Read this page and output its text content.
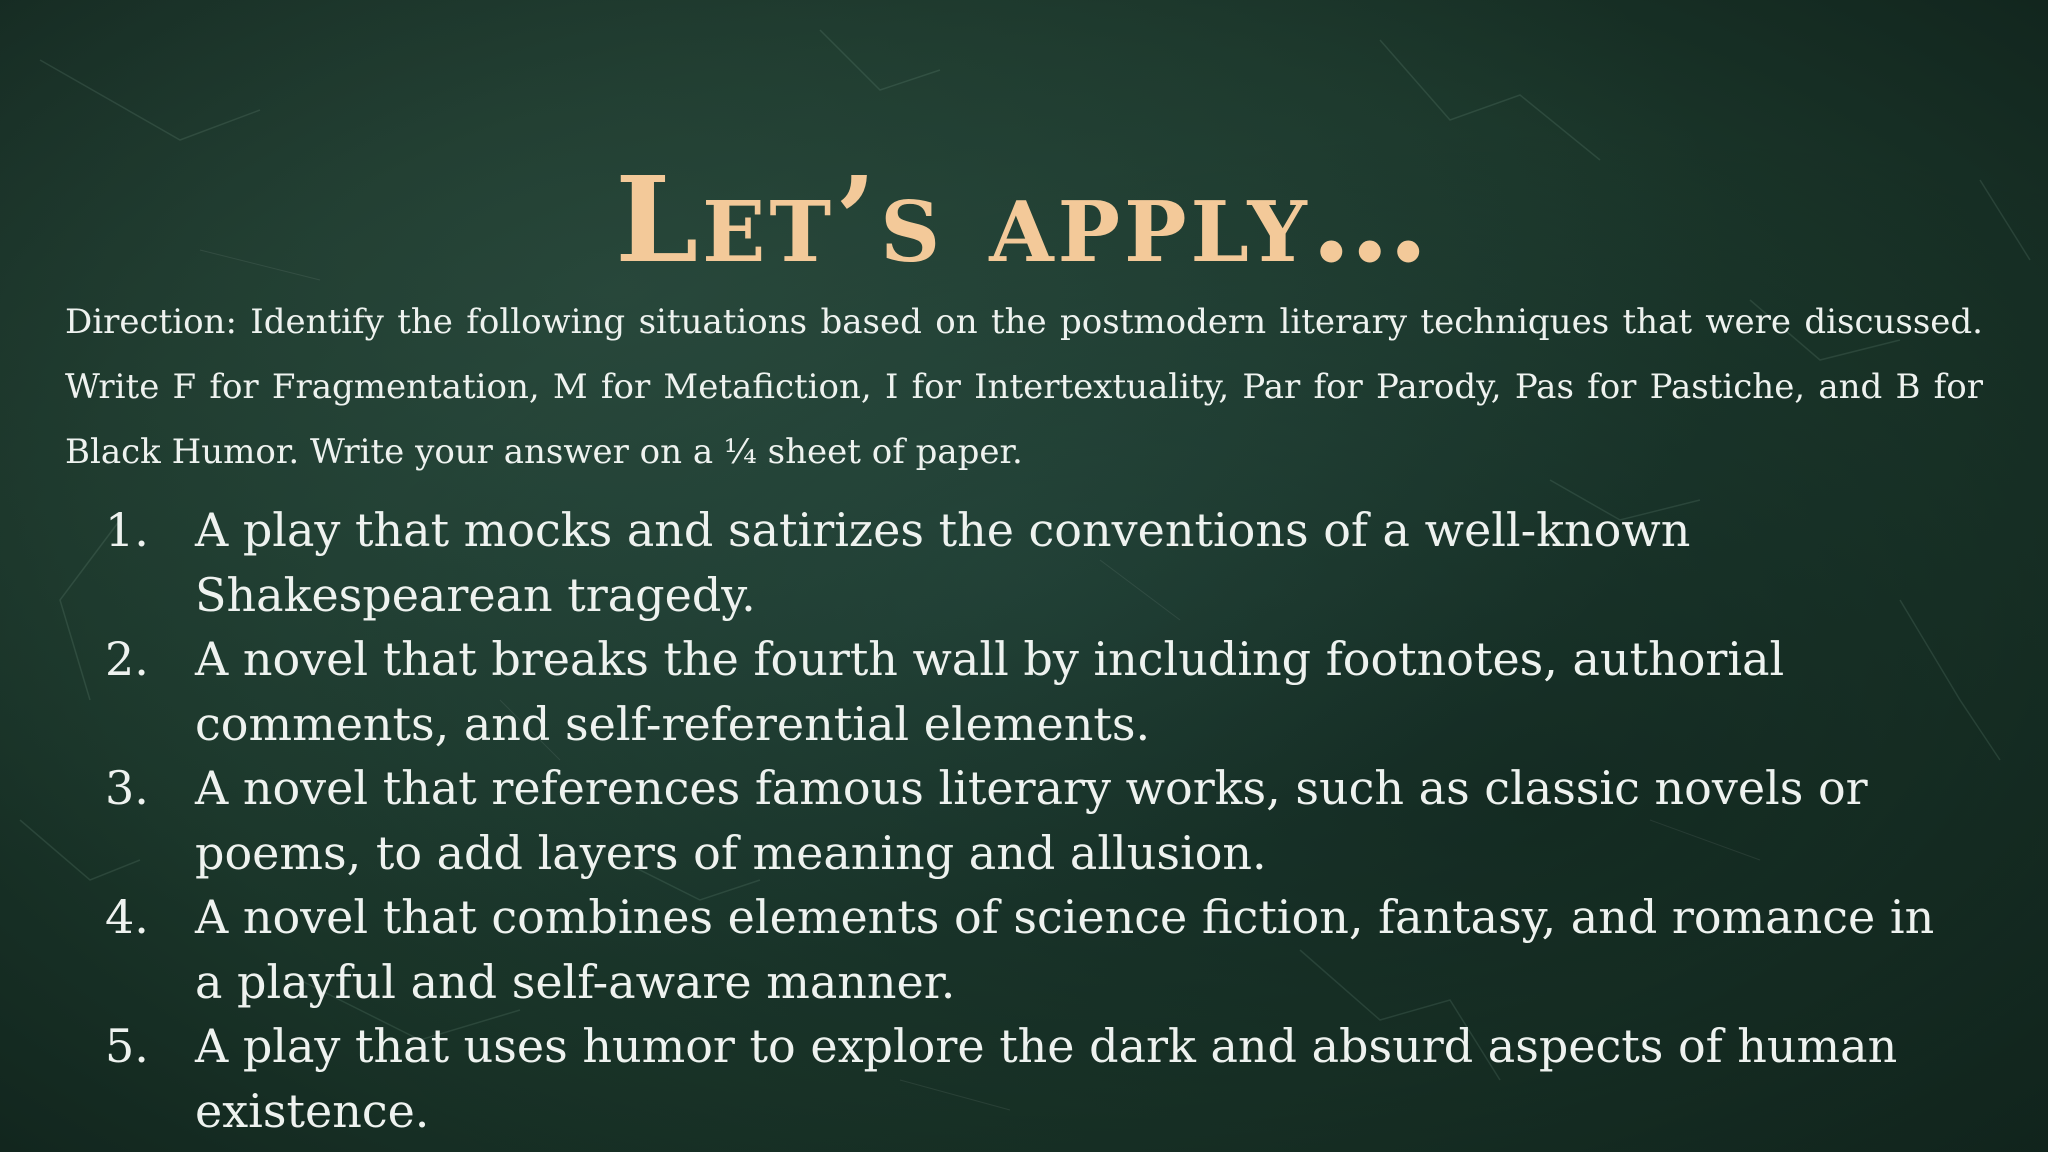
Let’s apply…

Direction: Identify the following situations based on the postmodern literary techniques that were discussed. Write F for Fragmentation, M for Metafiction, I for Intertextuality, Par for Parody, Pas for Pastiche, and B for Black Humor. Write your answer on a ¼ sheet of paper.

1.	A play that mocks and satirizes the conventions of a well-known Shakespearean tragedy.
2.	A novel that breaks the fourth wall by including footnotes, authorial comments, and self-referential elements.
3.	A novel that references famous literary works, such as classic novels or poems, to add layers of meaning and allusion.
4.	A novel that combines elements of science fiction, fantasy, and romance in a playful and self-aware manner.
5.	A play that uses humor to explore the dark and absurd aspects of human existence.
